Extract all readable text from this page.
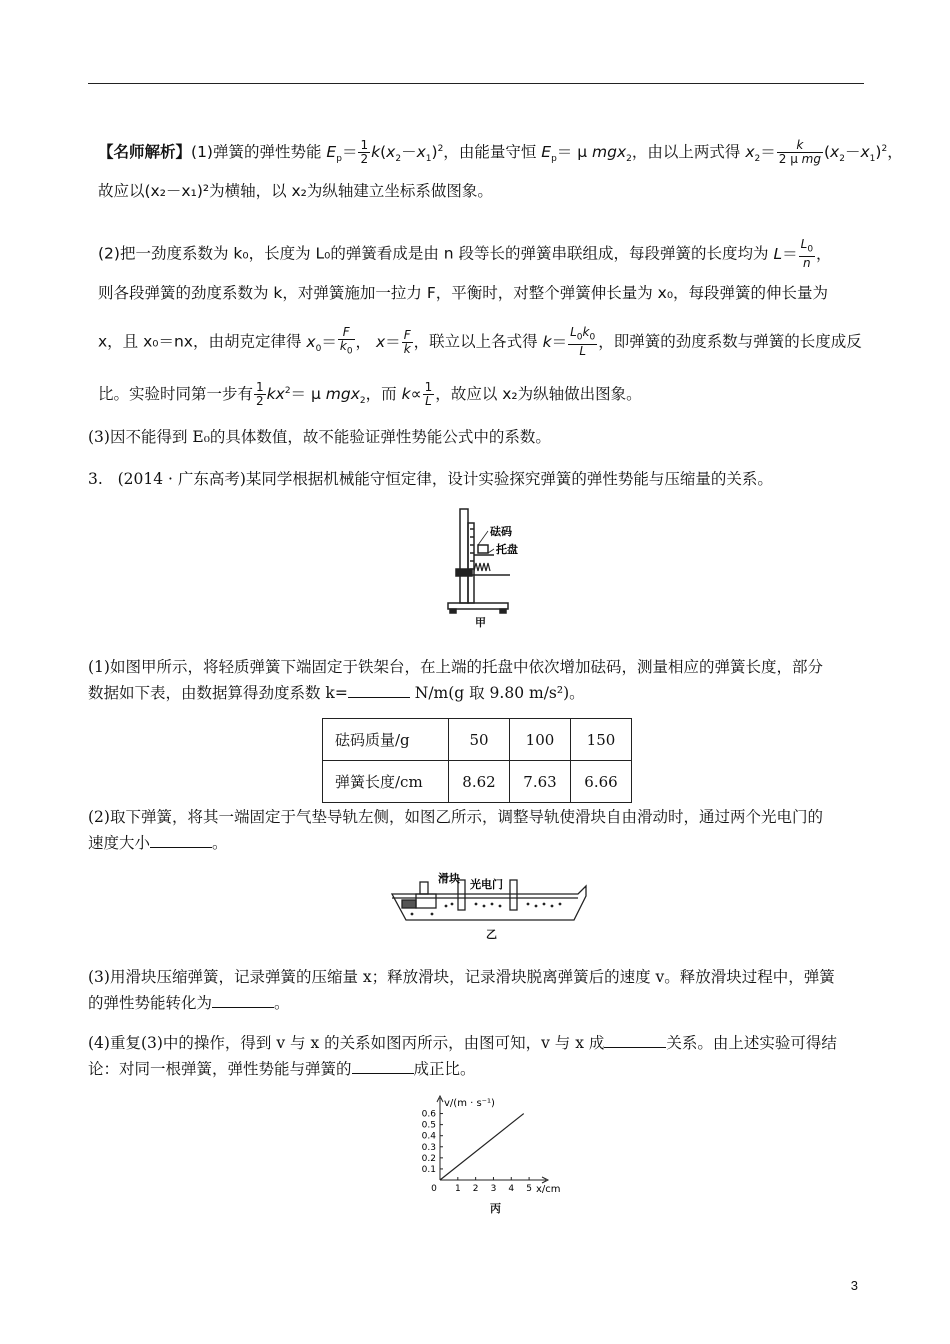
【名师解析】(1)弹簧的弹性势能 $E_p= \frac{1}{2} k(x_2-x_1)^2$，由能量守恒 $E_p= \mu$ mgx$_2$，由以上两式得 $x_2= \frac{k}{\text{2 μ mg}} (x_2-x_1)^2$，
故应以(x₂－x₁)²为横轴，以 x₂为纵轴建立坐标系做图象。
(2)把一劲度系数为 k₀，长度为 L₀的弹簧看成是由 n 段等长的弹簧串联组成，每段弹簧的长度均为 $L= \frac{L_0}{n}$ ，
则各段弹簧的劲度系数为 k，对弹簧施加一拉力 F，平衡时，对整个弹簧伸长量为 x₀，每段弹簧的伸长量为
x，且 x₀＝nx，由胡克定律得 $x_0= \frac{F}{k_0}$ ， $x= \frac{F}{k}$ ，联立以上各式得 $k= \frac{L_0k_0}{L}$ ，即弹簧的劲度系数与弹簧的长度成反
比。实验时同第一步有 $\frac{1}{2} kx^2= \mu$ mgx$_2$，而 $k\propto \frac{1}{L}$ ，故应以 x₂为纵轴做出图象。
(3)因不能得到 E₀的具体数值，故不能验证弹性势能公式中的系数。
3. (2014 · 广东高考)某同学根据机械能守恒定律，设计实验探究弹簧的弹性势能与压缩量的关系。
砝码
托盘
甲
(1)如图甲所示，将轻质弹簧下端固定于铁架台，在上端的托盘中依次增加砝码，测量相应的弹簧长度，部分
数据如下表，由数据算得劲度系数 k=	N/m(g 取 9.80 m/s²)。
砝码质量/g	50	100	150
弹簧长度/cm	8.62	7.63	6.66
(2)取下弹簧，将其一端固定于气垫导轨左侧，如图乙所示，调整导轨使滑块自由滑动时，通过两个光电门的
速度大小	。
滑块 光电门
乙
(3)用滑块压缩弹簧，记录弹簧的压缩量 x；释放滑块，记录滑块脱离弹簧后的速度 v。释放滑块过程中，弹簧
的弹性势能转化为	。
(4)重复(3)中的操作，得到 v 与 x 的关系如图丙所示，由图可知，v 与 x 成	关系。由上述实验可得结
论：对同一根弹簧，弹性势能与弹簧的	成正比。
v/(m · s⁻¹)
x/cm
0.1
0.2
0.3
0.4
0.5
0.6
0 1 2 3 4 5
丙
3
